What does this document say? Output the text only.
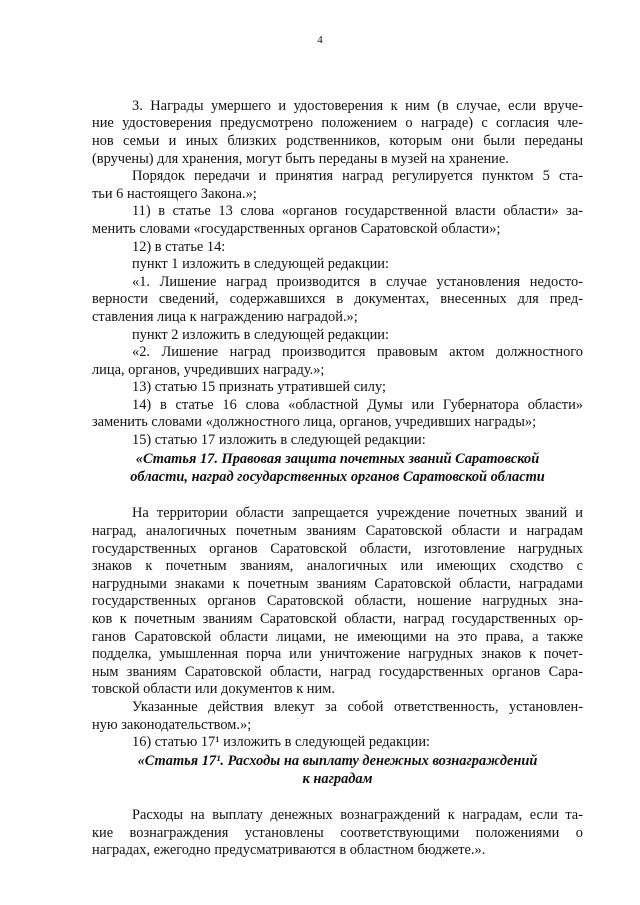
4
3. Награды умершего и удостоверения к ним (в случае, если вруче-
ние удостоверения предусмотрено положением о награде) с согласия чле-
нов семьи и иных близких родственников, которым они были переданы
(вручены) для хранения, могут быть переданы в музей на хранение.
Порядок передачи и принятия наград регулируется пунктом 5 ста-
тьи 6 настоящего Закона.»;
11) в статье 13 слова «органов государственной власти области» за-
менить словами «государственных органов Саратовской области»;
12) в статье 14:
пункт 1 изложить в следующей редакции:
«1. Лишение наград производится в случае установления недосто-
верности сведений, содержавшихся в документах, внесенных для пред-
ставления лица к награждению наградой.»;
пункт 2 изложить в следующей редакции:
«2. Лишение наград производится правовым актом должностного
лица, органов, учредивших награду.»;
13) статью 15 признать утратившей силу;
14) в статье 16 слова «областной Думы или Губернатора области»
заменить словами «должностного лица, органов, учредивших награды»;
15) статью 17 изложить в следующей редакции:
«Статья 17. Правовая защита почетных званий Саратовской
области, наград государственных органов Саратовской области
На территории области запрещается учреждение почетных званий и
наград, аналогичных почетным званиям Саратовской области и наградам
государственных органов Саратовской области, изготовление нагрудных
знаков к почетным званиям, аналогичных или имеющих сходство с
нагрудными знаками к почетным званиям Саратовской области, наградами
государственных органов Саратовской области, ношение нагрудных зна-
ков к почетным званиям Саратовской области, наград государственных ор-
ганов Саратовской области лицами, не имеющими на это права, а также
подделка, умышленная порча или уничтожение нагрудных знаков к почет-
ным званиям Саратовской области, наград государственных органов Сара-
товской области или документов к ним.
Указанные действия влекут за собой ответственность, установлен-
ную законодательством.»;
16) статью 17¹ изложить в следующей редакции:
«Статья 17¹. Расходы на выплату денежных вознаграждений
к наградам
Расходы на выплату денежных вознаграждений к наградам, если та-
кие вознаграждения установлены соответствующими положениями о
наградах, ежегодно предусматриваются в областном бюджете.».
